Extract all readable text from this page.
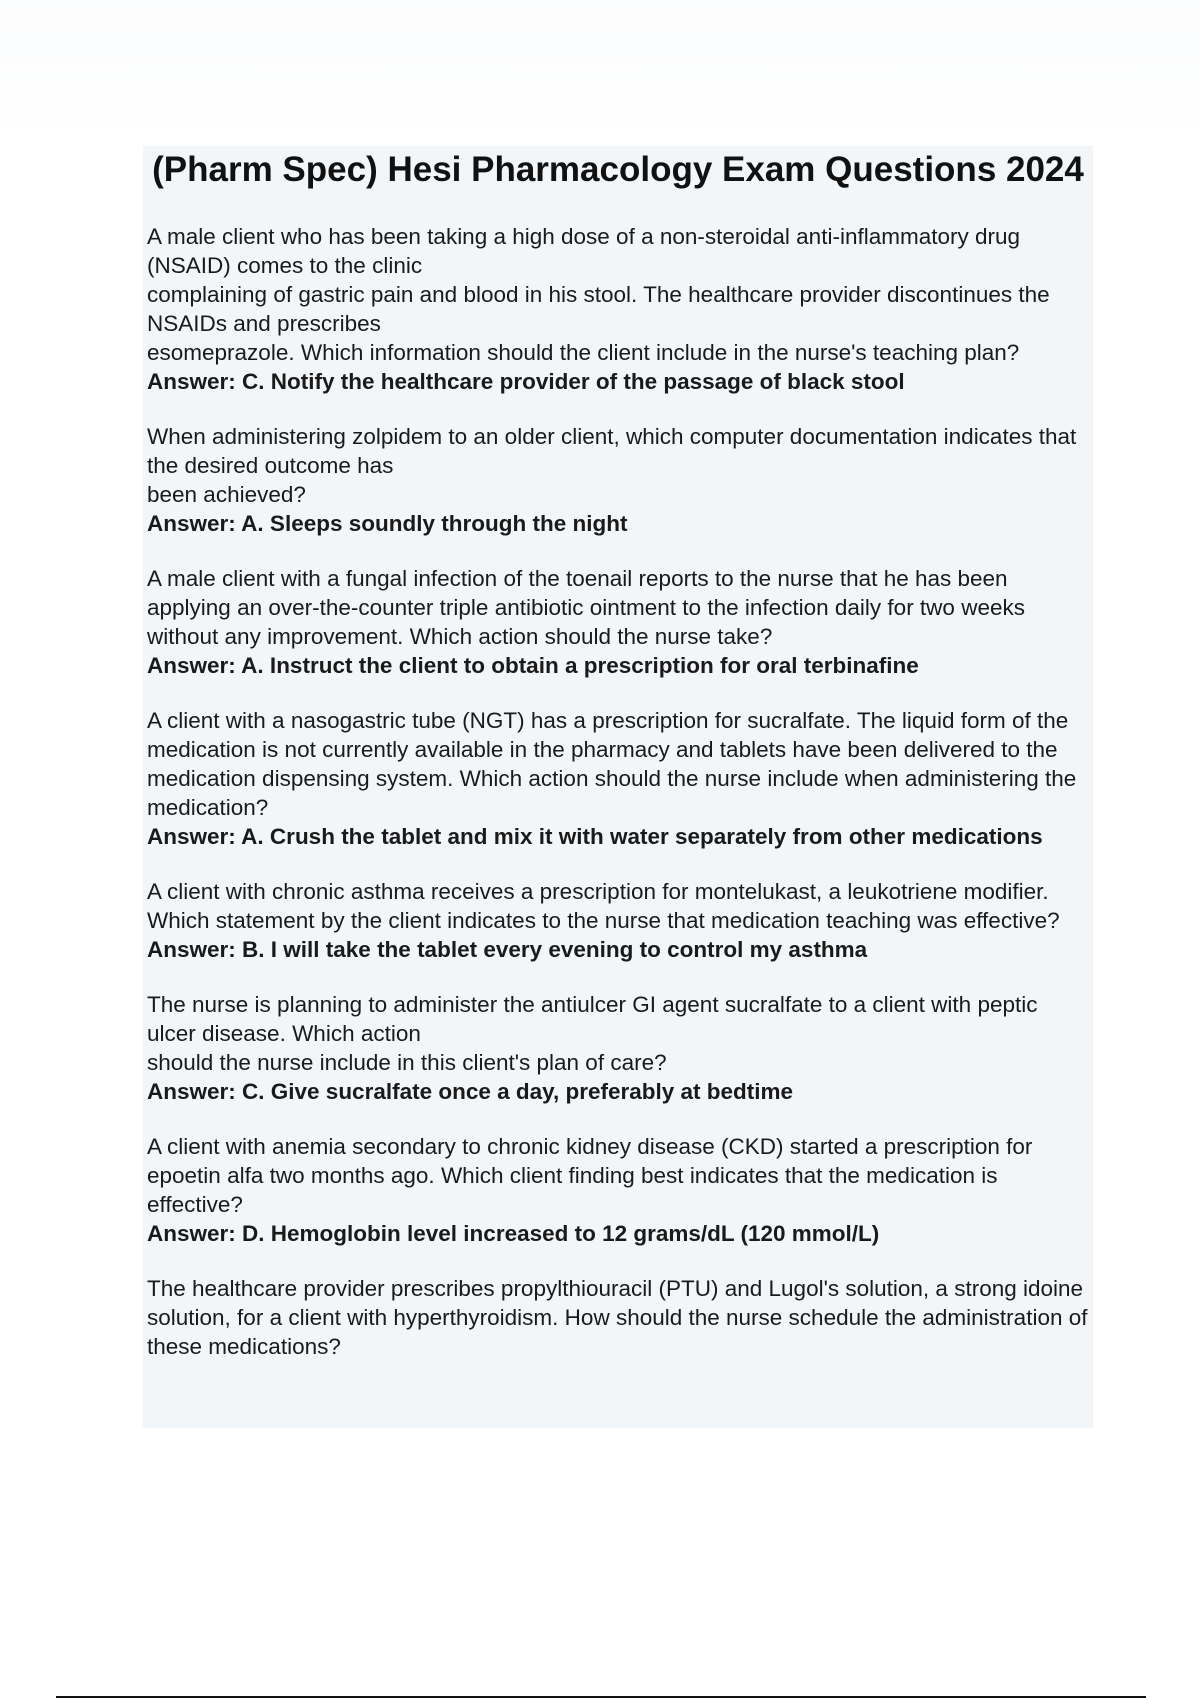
(Pharm Spec) Hesi Pharmacology Exam Questions 2024

A male client who has been taking a high dose of a non-steroidal anti-inflammatory drug (NSAID) comes to the clinic
complaining of gastric pain and blood in his stool. The healthcare provider discontinues the NSAIDs and prescribes
esomeprazole. Which information should the client include in the nurse's teaching plan?

Answer: C. Notify the healthcare provider of the passage of black stool

When administering zolpidem to an older client, which computer documentation indicates that the desired outcome has
been achieved?

Answer: A. Sleeps soundly through the night

A male client with a fungal infection of the toenail reports to the nurse that he has been applying an over-the-counter triple antibiotic ointment to the infection daily for two weeks without any improvement. Which action should the nurse take?

Answer: A. Instruct the client to obtain a prescription for oral terbinafine

A client with a nasogastric tube (NGT) has a prescription for sucralfate. The liquid form of the medication is not currently available in the pharmacy and tablets have been delivered to the medication dispensing system. Which action should the nurse include when administering the medication?

Answer: A. Crush the tablet and mix it with water separately from other medications

A client with chronic asthma receives a prescription for montelukast, a leukotriene modifier. Which statement by the client indicates to the nurse that medication teaching was effective?

Answer: B. I will take the tablet every evening to control my asthma

The nurse is planning to administer the antiulcer GI agent sucralfate to a client with peptic ulcer disease. Which action
should the nurse include in this client's plan of care?

Answer: C. Give sucralfate once a day, preferably at bedtime

A client with anemia secondary to chronic kidney disease (CKD) started a prescription for epoetin alfa two months ago. Which client finding best indicates that the medication is effective?

Answer: D. Hemoglobin level increased to 12 grams/dL (120 mmol/L)

The healthcare provider prescribes propylthiouracil (PTU) and Lugol's solution, a strong idoine solution, for a client with hyperthyroidism. How should the nurse schedule the administration of these medications?
